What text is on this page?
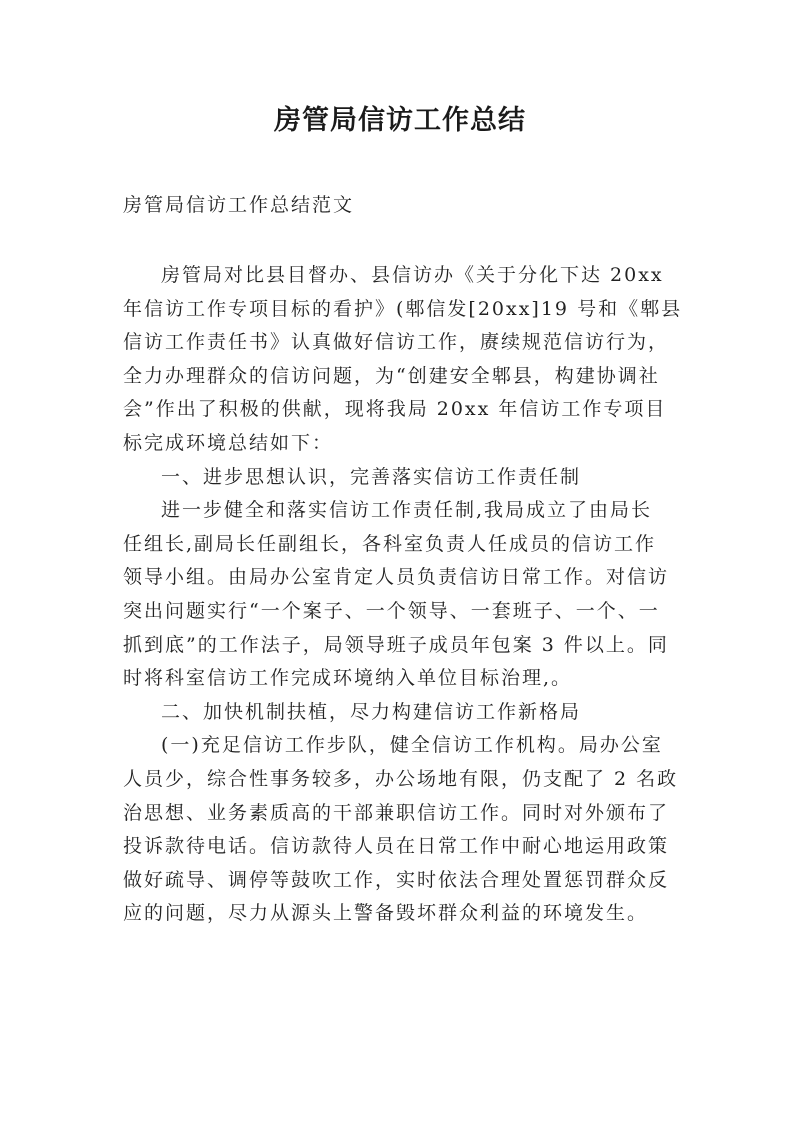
房管局信访工作总结
房管局信访工作总结范文
房管局对比县目督办、县信访办《关于分化下达 20xx
年信访工作专项目标的看护》(郫信发[20xx]19 号和《郫县
信访工作责任书》认真做好信访工作，赓续规范信访行为，
全力办理群众的信访问题，为“创建安全郫县，构建协调社
会”作出了积极的供献，现将我局 20xx 年信访工作专项目
标完成环境总结如下：
一、进步思想认识，完善落实信访工作责任制
进一步健全和落实信访工作责任制,我局成立了由局长
任组长,副局长任副组长，各科室负责人任成员的信访工作
领导小组。由局办公室肯定人员负责信访日常工作。对信访
突出问题实行“一个案子、一个领导、一套班子、一个、一
抓到底”的工作法子，局领导班子成员年包案 3 件以上。同
时将科室信访工作完成环境纳入单位目标治理,。
二、加快机制扶植，尽力构建信访工作新格局
(一)充足信访工作步队，健全信访工作机构。局办公室
人员少，综合性事务较多，办公场地有限，仍支配了 2 名政
治思想、业务素质高的干部兼职信访工作。同时对外颁布了
投诉款待电话。信访款待人员在日常工作中耐心地运用政策
做好疏导、调停等鼓吹工作，实时依法合理处置惩罚群众反
应的问题，尽力从源头上警备毁坏群众利益的环境发生。
